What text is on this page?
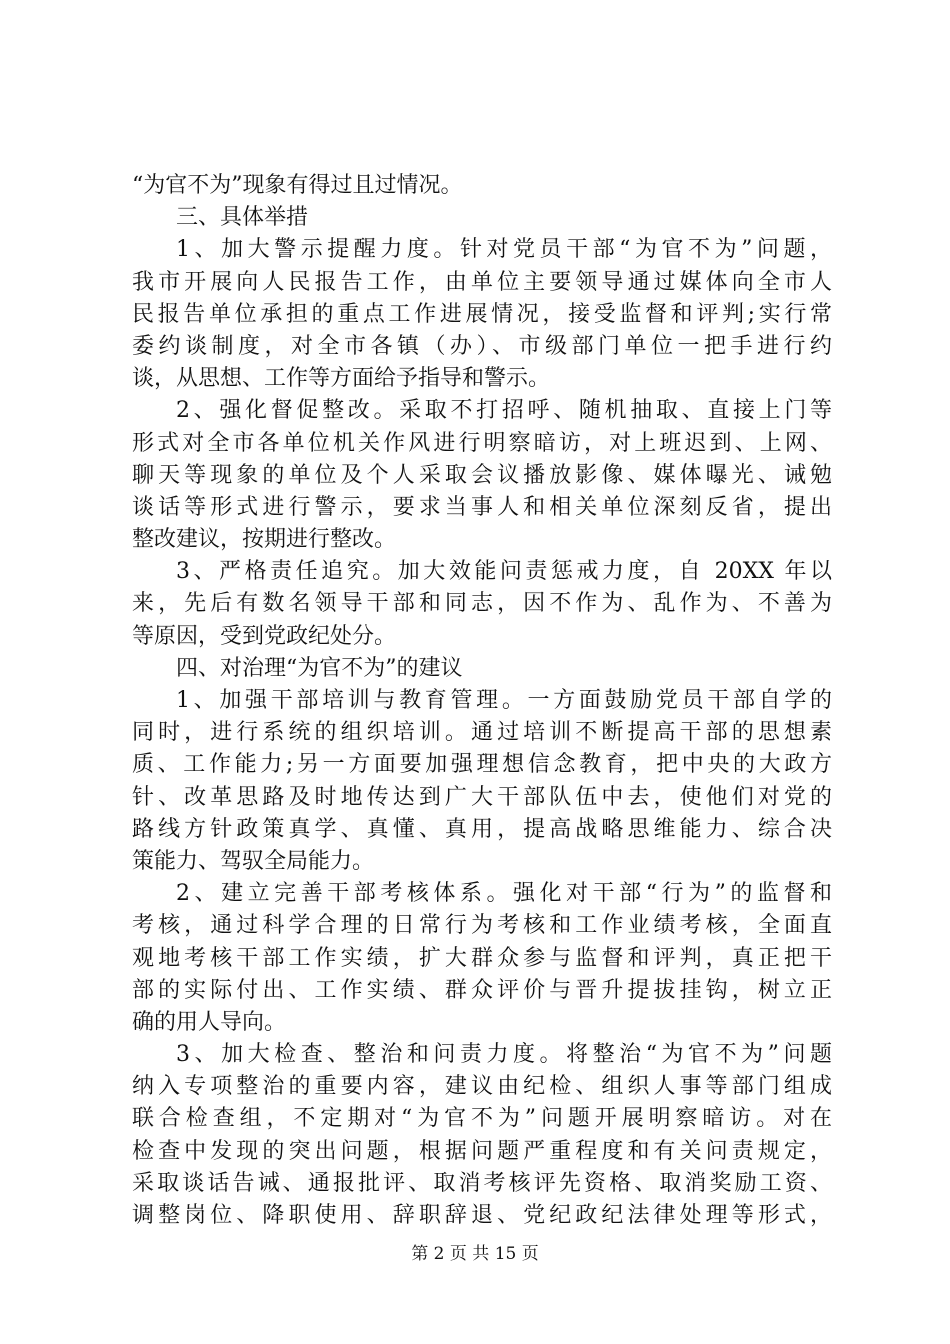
“为官不为”现象有得过且过情况。
三、具体举措
1、加大警示提醒力度。针对党员干部“为官不为”问题，
我市开展向人民报告工作，由单位主要领导通过媒体向全市人
民报告单位承担的重点工作进展情况，接受监督和评判;实行常
委约谈制度，对全市各镇（办）、市级部门单位一把手进行约
谈，从思想、工作等方面给予指导和警示。
2、强化督促整改。采取不打招呼、随机抽取、直接上门等
形式对全市各单位机关作风进行明察暗访，对上班迟到、上网、
聊天等现象的单位及个人采取会议播放影像、媒体曝光、诫勉
谈话等形式进行警示，要求当事人和相关单位深刻反省，提出
整改建议，按期进行整改。
3、严格责任追究。加大效能问责惩戒力度，自 20XX 年以
来，先后有数名领导干部和同志，因不作为、乱作为、不善为
等原因，受到党政纪处分。
四、对治理“为官不为”的建议
1、加强干部培训与教育管理。一方面鼓励党员干部自学的
同时，进行系统的组织培训。通过培训不断提高干部的思想素
质、工作能力;另一方面要加强理想信念教育，把中央的大政方
针、改革思路及时地传达到广大干部队伍中去，使他们对党的
路线方针政策真学、真懂、真用，提高战略思维能力、综合决
策能力、驾驭全局能力。
2、建立完善干部考核体系。强化对干部“行为”的监督和
考核，通过科学合理的日常行为考核和工作业绩考核，全面直
观地考核干部工作实绩，扩大群众参与监督和评判，真正把干
部的实际付出、工作实绩、群众评价与晋升提拔挂钩，树立正
确的用人导向。
3、加大检查、整治和问责力度。将整治“为官不为”问题
纳入专项整治的重要内容，建议由纪检、组织人事等部门组成
联合检查组，不定期对“为官不为”问题开展明察暗访。对在
检查中发现的突出问题，根据问题严重程度和有关问责规定，
采取谈话告诫、通报批评、取消考核评先资格、取消奖励工资、
调整岗位、降职使用、辞职辞退、党纪政纪法律处理等形式，
第 2 页 共 15 页
